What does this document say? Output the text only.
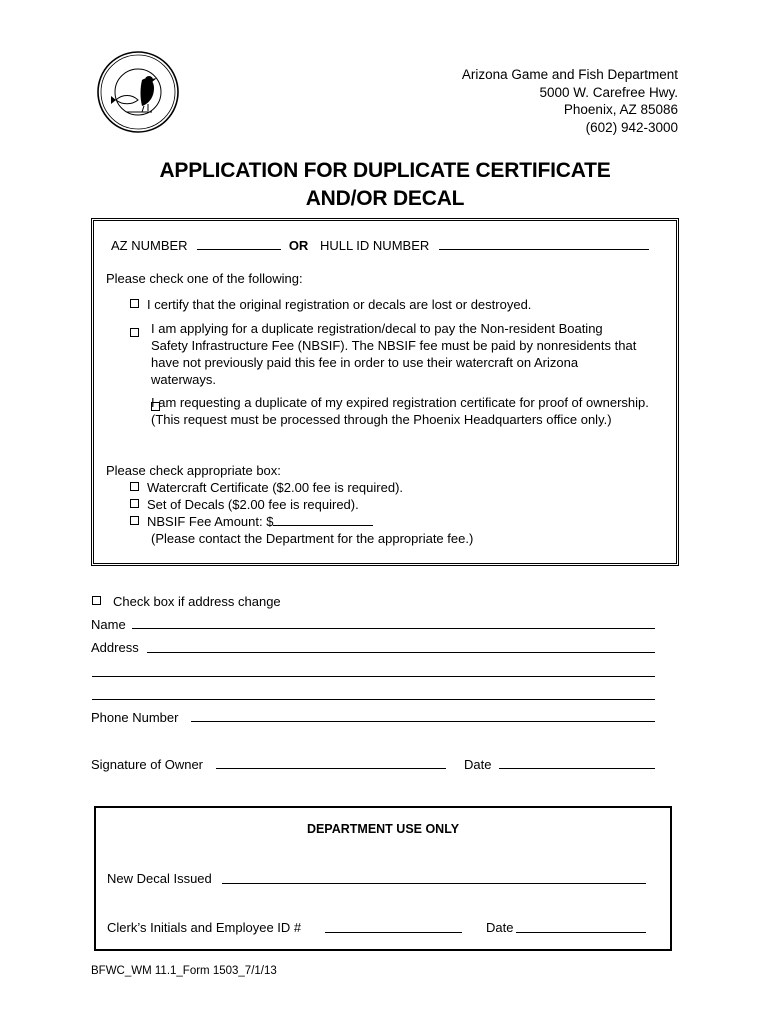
Arizona Game and Fish Department
5000 W. Carefree Hwy.
Phoenix, AZ 85086
(602) 942-3000
APPLICATION FOR DUPLICATE CERTIFICATE
AND/OR DECAL
AZ NUMBER	OR HULL ID NUMBER
Please check one of the following:
I certify that the original registration or decals are lost or destroyed.

I am applying for a duplicate registration/decal to pay the Non-resident Boating Safety Infrastructure Fee (NBSIF). The NBSIF fee must be paid by nonresidents that have not previously paid this fee in order to use their watercraft on Arizona waterways.
I am requesting a duplicate of my expired registration certificate for proof of ownership. (This request must be processed through the Phoenix Headquarters office only.)
Please check appropriate box:
Watercraft Certificate ($2.00 fee is required).
Set of Decals ($2.00 fee is required).
NBSIF Fee Amount: $
(Please contact the Department for the appropriate fee.)
Check box if address change
Name
Address
Phone Number
Signature of Owner	Date
DEPARTMENT USE ONLY
New Decal Issued
Clerk’s Initials and Employee ID #	Date
BFWC_WM 11.1_Form 1503_7/1/13
